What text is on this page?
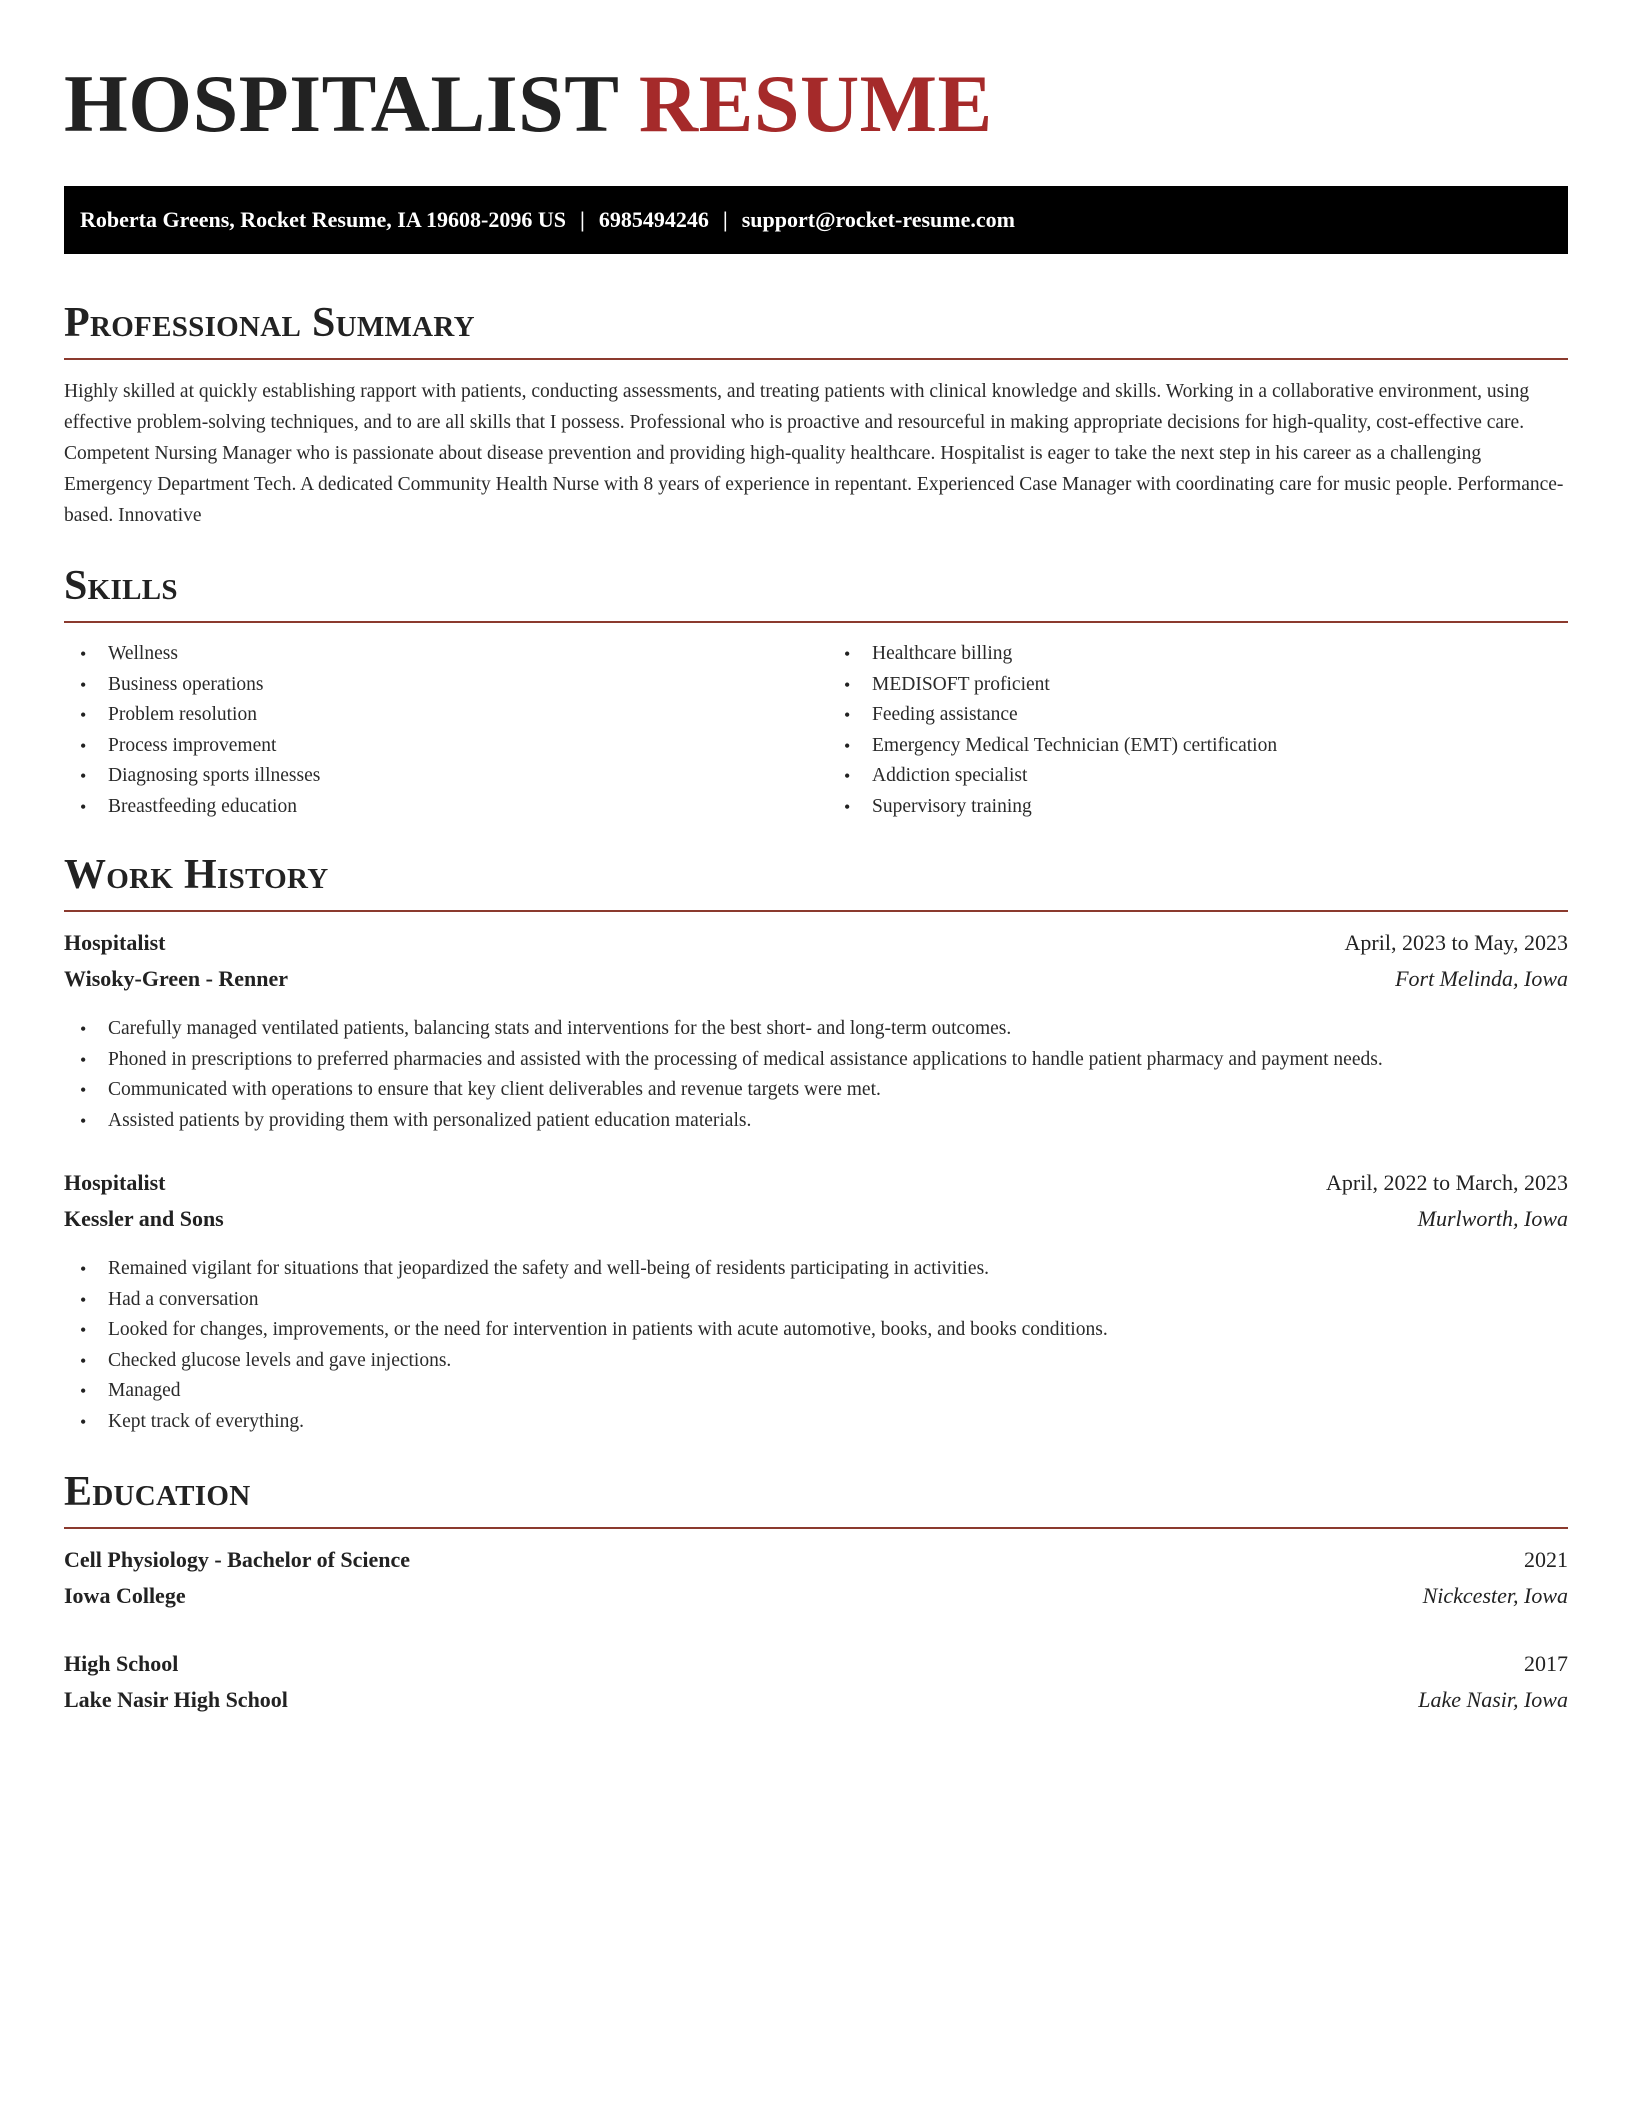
HOSPITALIST RESUME
Roberta Greens, Rocket Resume, IA 19608-2096 US | 6985494246 | support@rocket-resume.com
Professional Summary

Highly skilled at quickly establishing rapport with patients, conducting assessments, and treating patients with clinical knowledge and skills. Working in a collaborative environment, using effective problem-solving techniques, and to are all skills that I possess. Professional who is proactive and resourceful in making appropriate decisions for high-quality, cost-effective care. Competent Nursing Manager who is passionate about disease prevention and providing high-quality healthcare. Hospitalist is eager to take the next step in his career as a challenging Emergency Department Tech. A dedicated Community Health Nurse with 8 years of experience in repentant. Experienced Case Manager with coordinating care for music people. Performance-based. Innovative

Skills
• Wellness
• Business operations
• Problem resolution
• Process improvement
• Diagnosing sports illnesses
• Breastfeeding education
• Healthcare billing
• MEDISOFT proficient
• Feeding assistance
• Emergency Medical Technician (EMT) certification
• Addiction specialist
• Supervisory training
Work History
Hospitalist	April, 2023 to May, 2023
Wisoky-Green - Renner	Fort Melinda, Iowa
• Carefully managed ventilated patients, balancing stats and interventions for the best short- and long-term outcomes.
• Phoned in prescriptions to preferred pharmacies and assisted with the processing of medical assistance applications to handle patient pharmacy and payment needs.
• Communicated with operations to ensure that key client deliverables and revenue targets were met.
• Assisted patients by providing them with personalized patient education materials.
Hospitalist	April, 2022 to March, 2023
Kessler and Sons	Murlworth, Iowa
• Remained vigilant for situations that jeopardized the safety and well-being of residents participating in activities.
• Had a conversation
• Looked for changes, improvements, or the need for intervention in patients with acute automotive, books, and books conditions.
• Checked glucose levels and gave injections.
• Managed
• Kept track of everything.
Education
Cell Physiology - Bachelor of Science	2021
Iowa College	Nickcester, Iowa
High School	2017
Lake Nasir High School	Lake Nasir, Iowa
